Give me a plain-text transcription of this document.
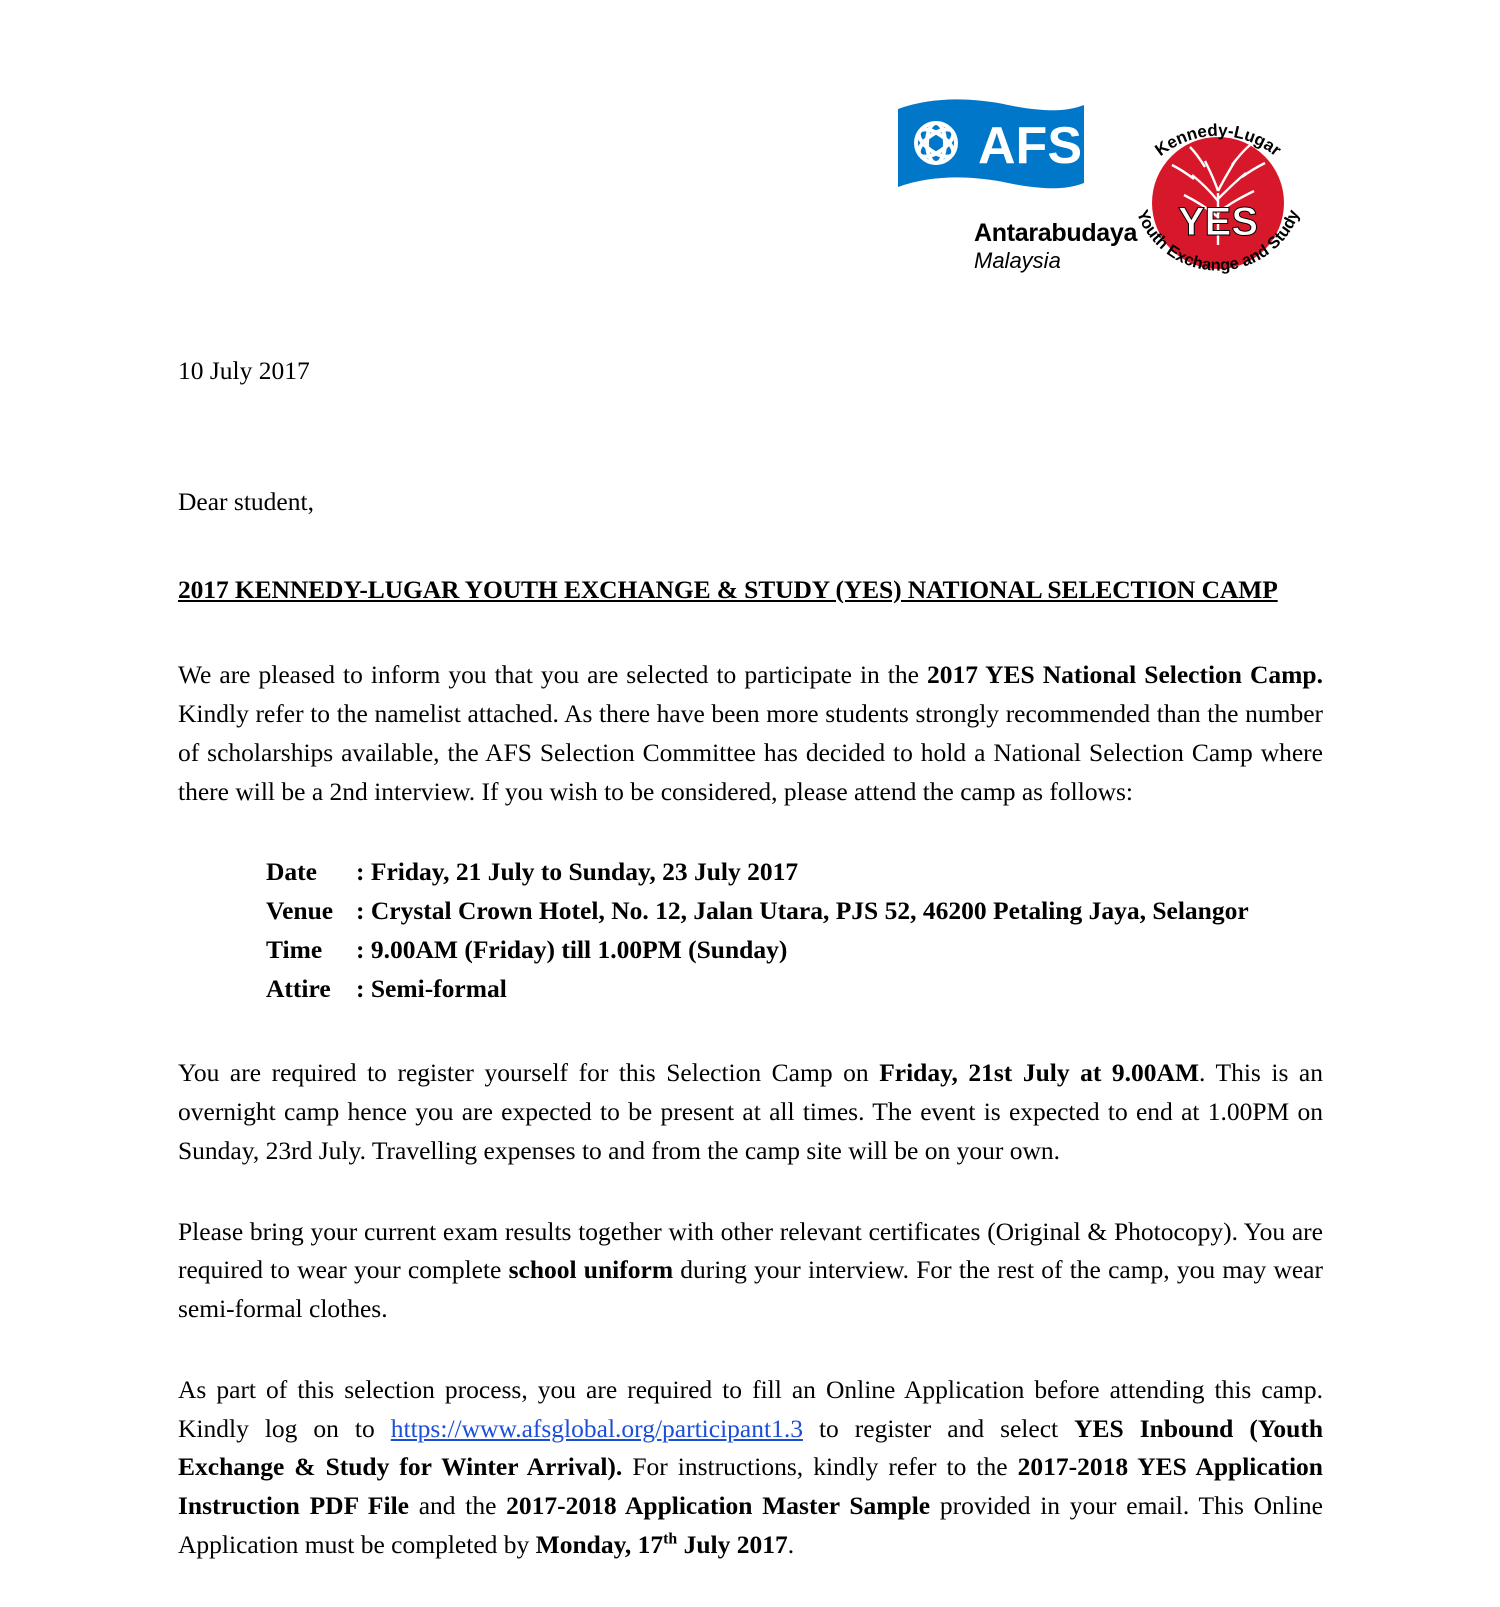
AFS
Antarabudaya
Malaysia
YES
Kennedy-Lugar
Youth Exchange and Study

10 July 2017

Dear student,

2017 KENNEDY-LUGAR YOUTH EXCHANGE & STUDY (YES) NATIONAL SELECTION CAMP

We are pleased to inform you that you are selected to participate in the 2017 YES National Selection Camp. Kindly refer to the namelist attached. As there have been more students strongly recommended than the number of scholarships available, the AFS Selection Committee has decided to hold a National Selection Camp where there will be a 2nd interview. If you wish to be considered, please attend the camp as follows:

Date	: Friday, 21 July to Sunday, 23 July 2017
Venue : Crystal Crown Hotel, No. 12, Jalan Utara, PJS 52, 46200 Petaling Jaya, Selangor
Time	: 9.00AM (Friday) till 1.00PM (Sunday)
Attire : Semi-formal

You are required to register yourself for this Selection Camp on Friday, 21st July at 9.00AM. This is an overnight camp hence you are expected to be present at all times. The event is expected to end at 1.00PM on Sunday, 23rd July. Travelling expenses to and from the camp site will be on your own.

Please bring your current exam results together with other relevant certificates (Original & Photocopy). You are required to wear your complete school uniform during your interview. For the rest of the camp, you may wear semi-formal clothes.

As part of this selection process, you are required to fill an Online Application before attending this camp. Kindly log on to https://www.afsglobal.org/participant1.3 to register and select YES Inbound (Youth Exchange & Study for Winter Arrival). For instructions, kindly refer to the 2017-2018 YES Application Instruction PDF File and the 2017-2018 Application Master Sample provided in your email. This Online Application must be completed by Monday, 17th July 2017.
